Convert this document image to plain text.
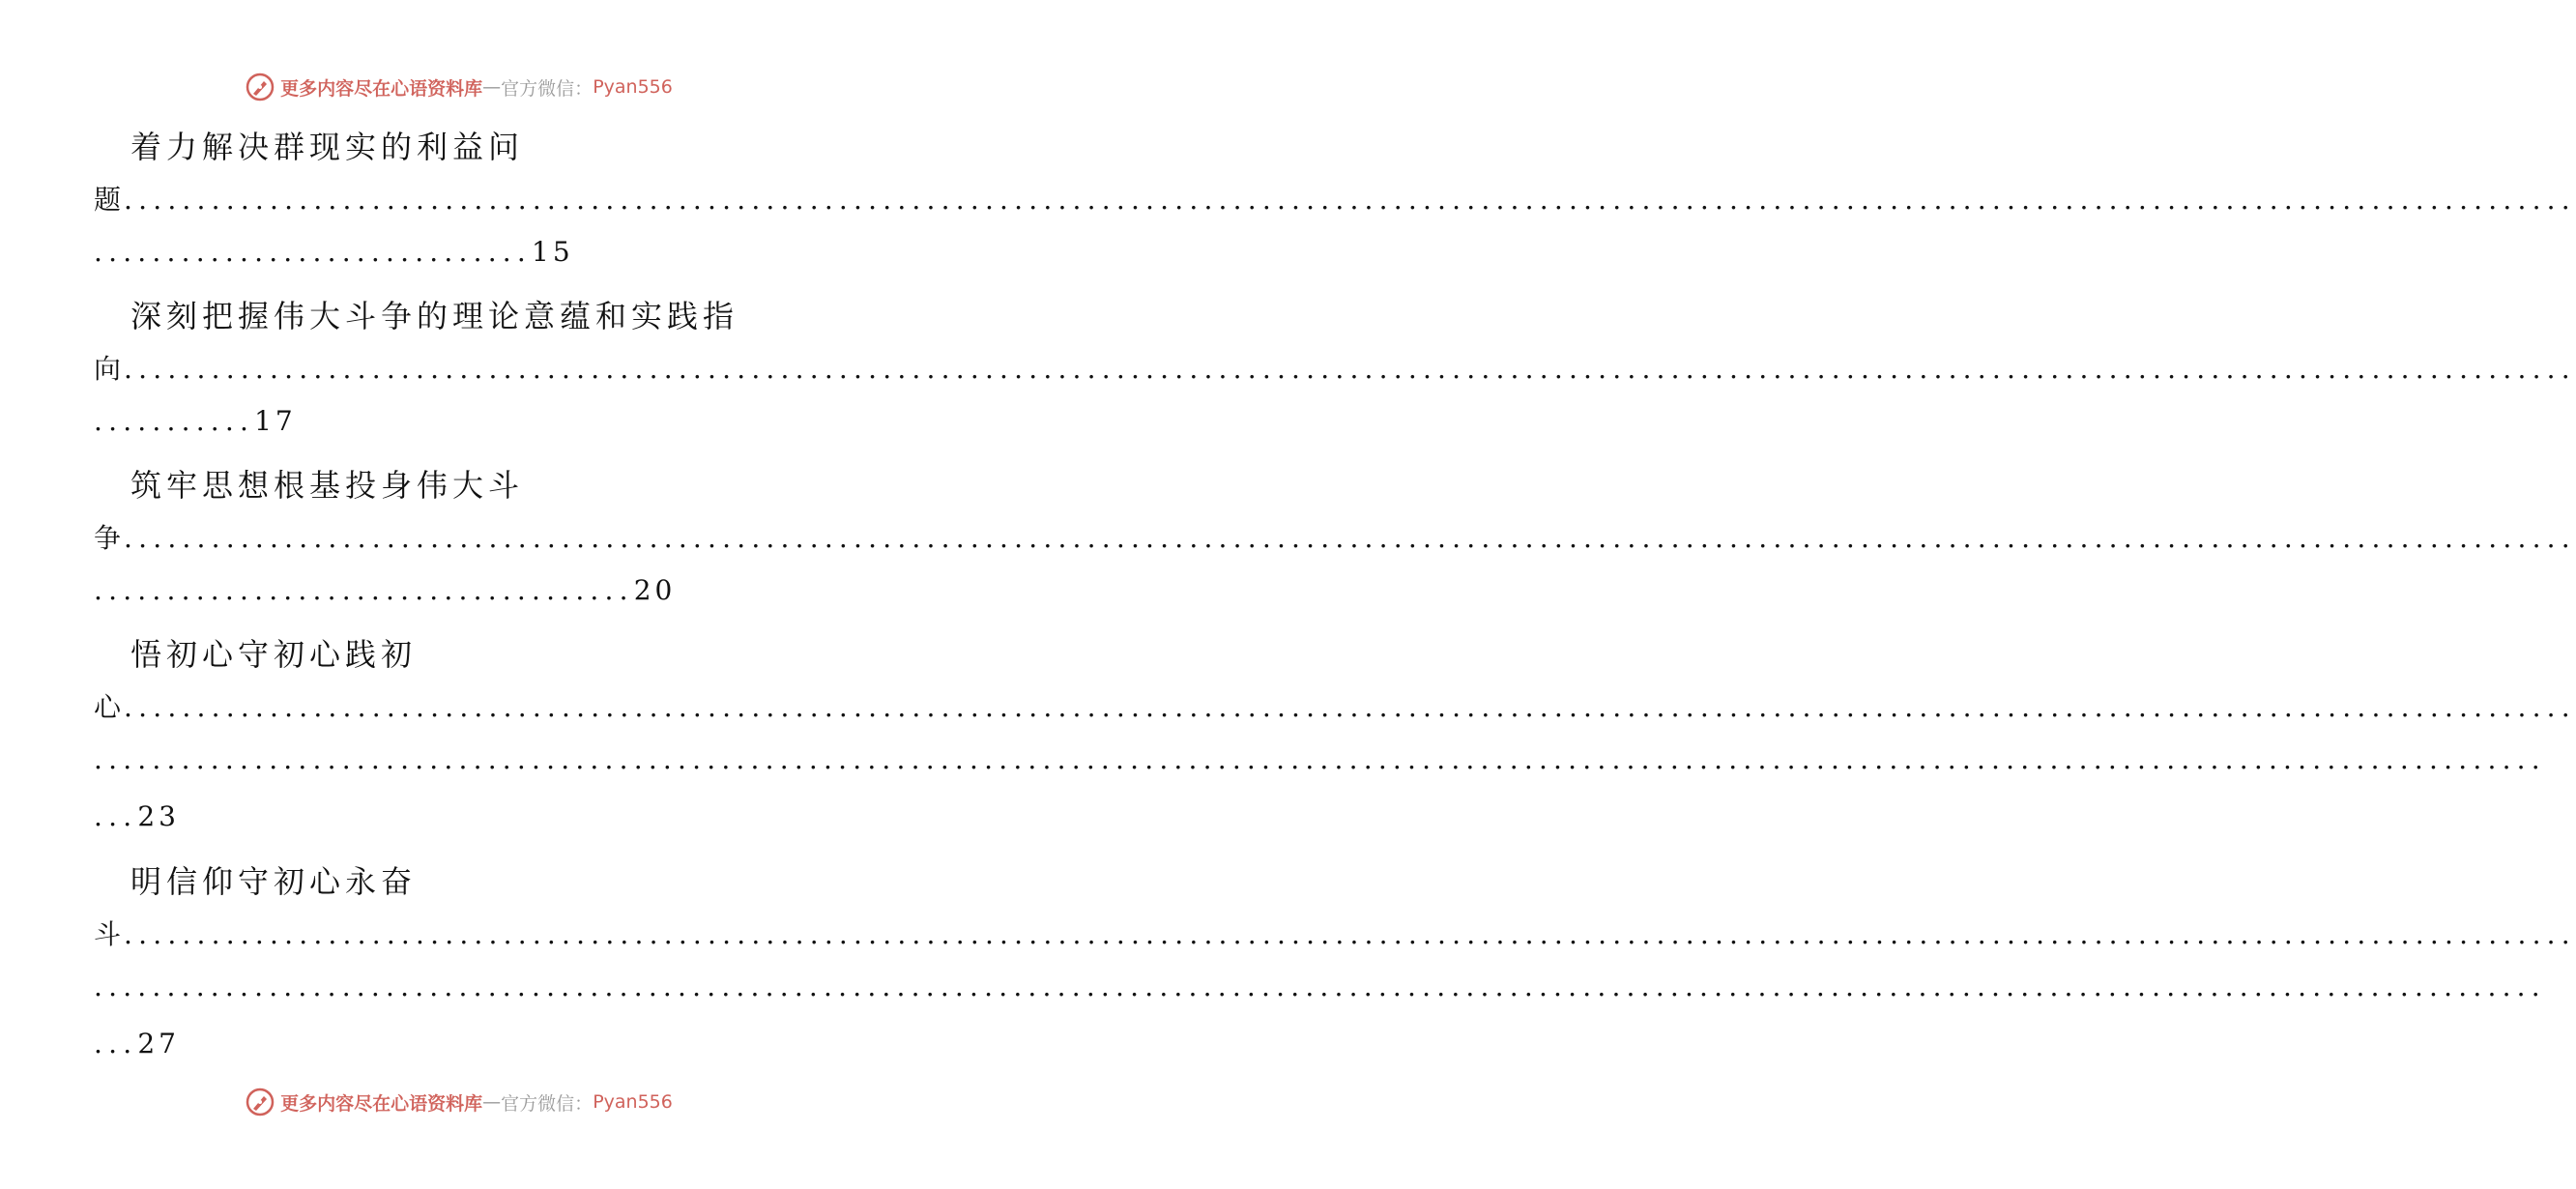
更多内容尽在心语资料库 — 官方微信： Pyan556
着力解决群现实的利益问
题........................................................................................................................................................................
..............................15
深刻把握伟大斗争的理论意蕴和实践指
向........................................................................................................................................................................
...........17
筑牢思想根基投身伟大斗
争........................................................................................................................................................................
.....................................20
悟初心守初心践初
心........................................................................................................................................................................
........................................................................................................................................................................
...23
明信仰守初心永奋
斗........................................................................................................................................................................
........................................................................................................................................................................
...27
更多内容尽在心语资料库 — 官方微信： Pyan556
